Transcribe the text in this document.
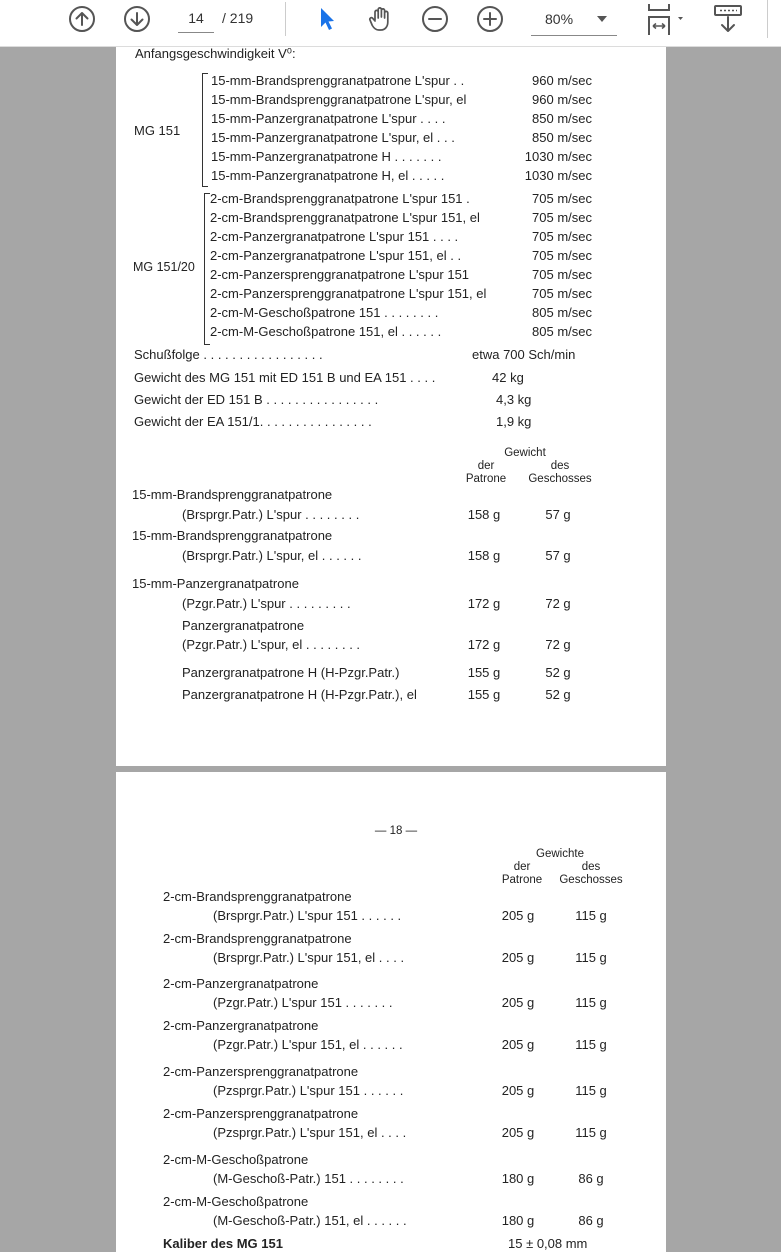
14 / 219	80%
Anfangsgeschwindigkeit V⁰:
MG 151
MG 151/20
15-mm-Brandsprenggranatpatrone L'spur . .	960 m/sec
15-mm-Brandsprenggranatpatrone L'spur, el	960 m/sec
15-mm-Panzergranatpatrone L'spur . . . .	850 m/sec
15-mm-Panzergranatpatrone L'spur, el . . .	850 m/sec
15-mm-Panzergranatpatrone H . . . . . . .	1030 m/sec
15-mm-Panzergranatpatrone H, el . . . . .	1030 m/sec
2-cm-Brandsprenggranatpatrone L'spur 151 .	705 m/sec
2-cm-Brandsprenggranatpatrone L'spur 151, el	705 m/sec
2-cm-Panzergranatpatrone L'spur 151 . . . .	705 m/sec
2-cm-Panzergranatpatrone L'spur 151, el . .	705 m/sec
2-cm-Panzersprenggranatpatrone L'spur 151	705 m/sec
2-cm-Panzersprenggranatpatrone L'spur 151, el	705 m/sec
2-cm-M-Geschoßpatrone 151 . . . . . . . .	805 m/sec
2-cm-M-Geschoßpatrone 151, el . . . . . .	805 m/sec
Schußfolge . . . . . . . . . . . . . . . . .	etwa 700 Sch/min
Gewicht des MG 151 mit ED 151 B und EA 151 . . . .	42 kg
Gewicht der ED 151 B . . . . . . . . . . . . . . . .	4,3 kg
Gewicht der EA 151/1. . . . . . . . . . . . . . . .	1,9 kg
Gewicht
der
Patrone
des
Geschosses
15-mm-Brandsprenggranatpatrone
(Brsprgr.Patr.) L'spur . . . . . . . .	158 g	57 g
15-mm-Brandsprenggranatpatrone
(Brsprgr.Patr.) L'spur, el . . . . . .	158 g	57 g
15-mm-Panzergranatpatrone
(Pzgr.Patr.) L'spur . . . . . . . . .	172 g	72 g
Panzergranatpatrone
(Pzgr.Patr.) L'spur, el . . . . . . . .	172 g	72 g
Panzergranatpatrone H (H-Pzgr.Patr.)	155 g	52 g
Panzergranatpatrone H (H-Pzgr.Patr.), el	155 g	52 g
— 18 —
Gewichte
der
Patrone
des
Geschosses
2-cm-Brandsprenggranatpatrone
(Brsprgr.Patr.) L'spur 151 . . . . . .	205 g	115 g
2-cm-Brandsprenggranatpatrone
(Brsprgr.Patr.) L'spur 151, el . . . .	205 g	115 g
2-cm-Panzergranatpatrone
(Pzgr.Patr.) L'spur 151 . . . . . . .	205 g	115 g
2-cm-Panzergranatpatrone
(Pzgr.Patr.) L'spur 151, el . . . . . .	205 g	115 g
2-cm-Panzersprenggranatpatrone
(Pzsprgr.Patr.) L'spur 151 . . . . . .	205 g	115 g
2-cm-Panzersprenggranatpatrone
(Pzsprgr.Patr.) L'spur 151, el . . . .	205 g	115 g
2-cm-M-Geschoßpatrone
(M-Geschoß-Patr.) 151 . . . . . . . .	180 g	86 g
2-cm-M-Geschoßpatrone
(M-Geschoß-Patr.) 151, el . . . . . .	180 g	86 g
Kaliber des MG 151	15 ± 0,08 mm
